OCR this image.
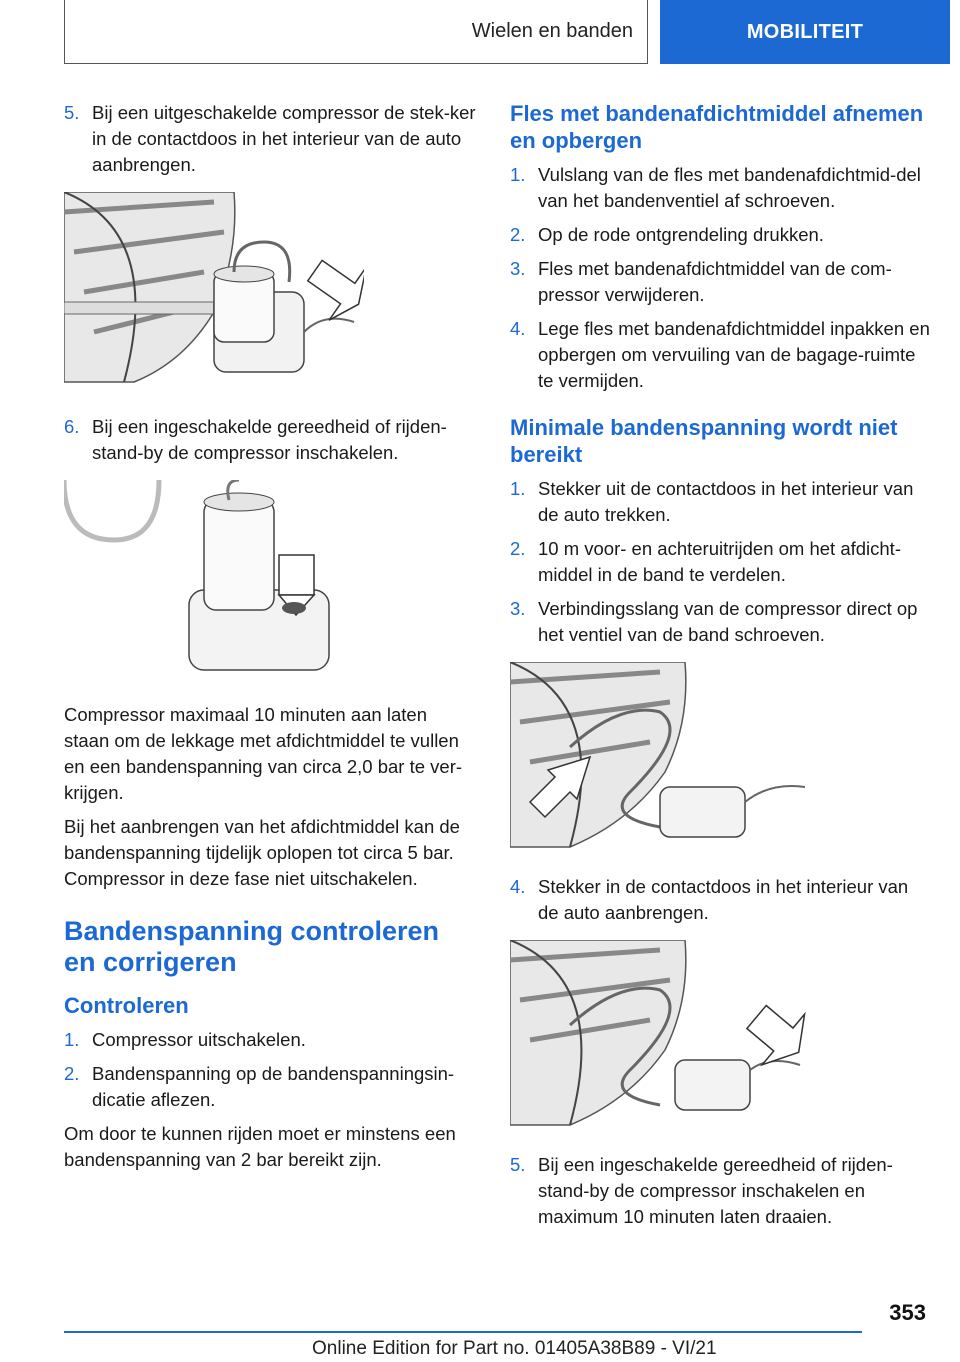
Wielen en banden	MOBILITEIT
5. Bij een uitgeschakelde compressor de stek-ker in de contactdoos in het interieur van de auto aanbrengen.
6. Bij een ingeschakelde gereedheid of rijden-stand-by de compressor inschakelen.

Compressor maximaal 10 minuten aan laten staan om de lekkage met afdichtmiddel te vullen en een bandenspanning van circa 2,0 bar te ver-krijgen.

Bij het aanbrengen van het afdichtmiddel kan de bandenspanning tijdelijk oplopen tot circa 5 bar. Compressor in deze fase niet uitschakelen.

Bandenspanning controleren en corrigeren
Controleren
1. Compressor uitschakelen.
2. Bandenspanning op de bandenspanningsin-dicatie aflezen.

Om door te kunnen rijden moet er minstens een bandenspanning van 2 bar bereikt zijn.

Fles met bandenafdichtmiddel afnemen en opbergen
1. Vulslang van de fles met bandenafdichtmid-del van het bandenventiel af schroeven.
2. Op de rode ontgrendeling drukken.
3. Fles met bandenafdichtmiddel van de com-pressor verwijderen.
4. Lege fles met bandenafdichtmiddel inpakken en opbergen om vervuiling van de bagage-ruimte te vermijden.
Minimale bandenspanning wordt niet bereikt
1. Stekker uit de contactdoos in het interieur van de auto trekken.
2. 10 m voor- en achteruitrijden om het afdicht-middel in de band te verdelen.
3. Verbindingsslang van de compressor direct op het ventiel van de band schroeven.
4. Stekker in de contactdoos in het interieur van de auto aanbrengen.
5. Bij een ingeschakelde gereedheid of rijden-stand-by de compressor inschakelen en maximum 10 minuten laten draaien.
353
Online Edition for Part no. 01405A38B89 - VI/21
